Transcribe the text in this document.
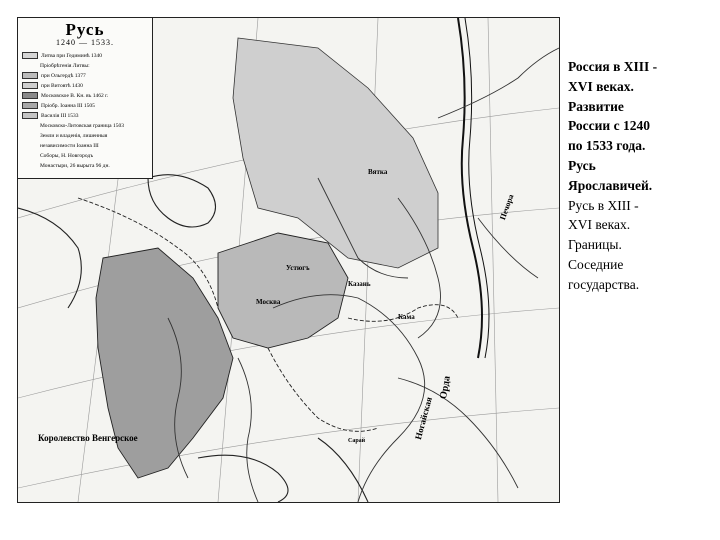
Русь
1240 — 1533.
Литва при Гедиминѣ 1340
Пріобрѣтенія Литвы:
при Ольгердѣ 1377
при Витовтѣ 1430
Московское В. Кн. въ 1462 г.
Пріобр. Іоанна III 1505
Василія III 1533
Московско-Литовская граница 1503
Земли и владенія, лишенныя
независимости Іоанна III
Соборы, Н. Новгородъ
Монастыри, 26 вырыта 96 дн.
Москва
Устюгъ
Казань
Орда
Ногайская
Сарай
Королевство Венгерское
Печора
Вятка
Кама
Россия в XIII -
XVI веках.
Развитие
России с 1240
по 1533 года.
Русь
Ярославичей.
Русь в XIII -
XVI веках.
Границы.
Соседние
государства.
